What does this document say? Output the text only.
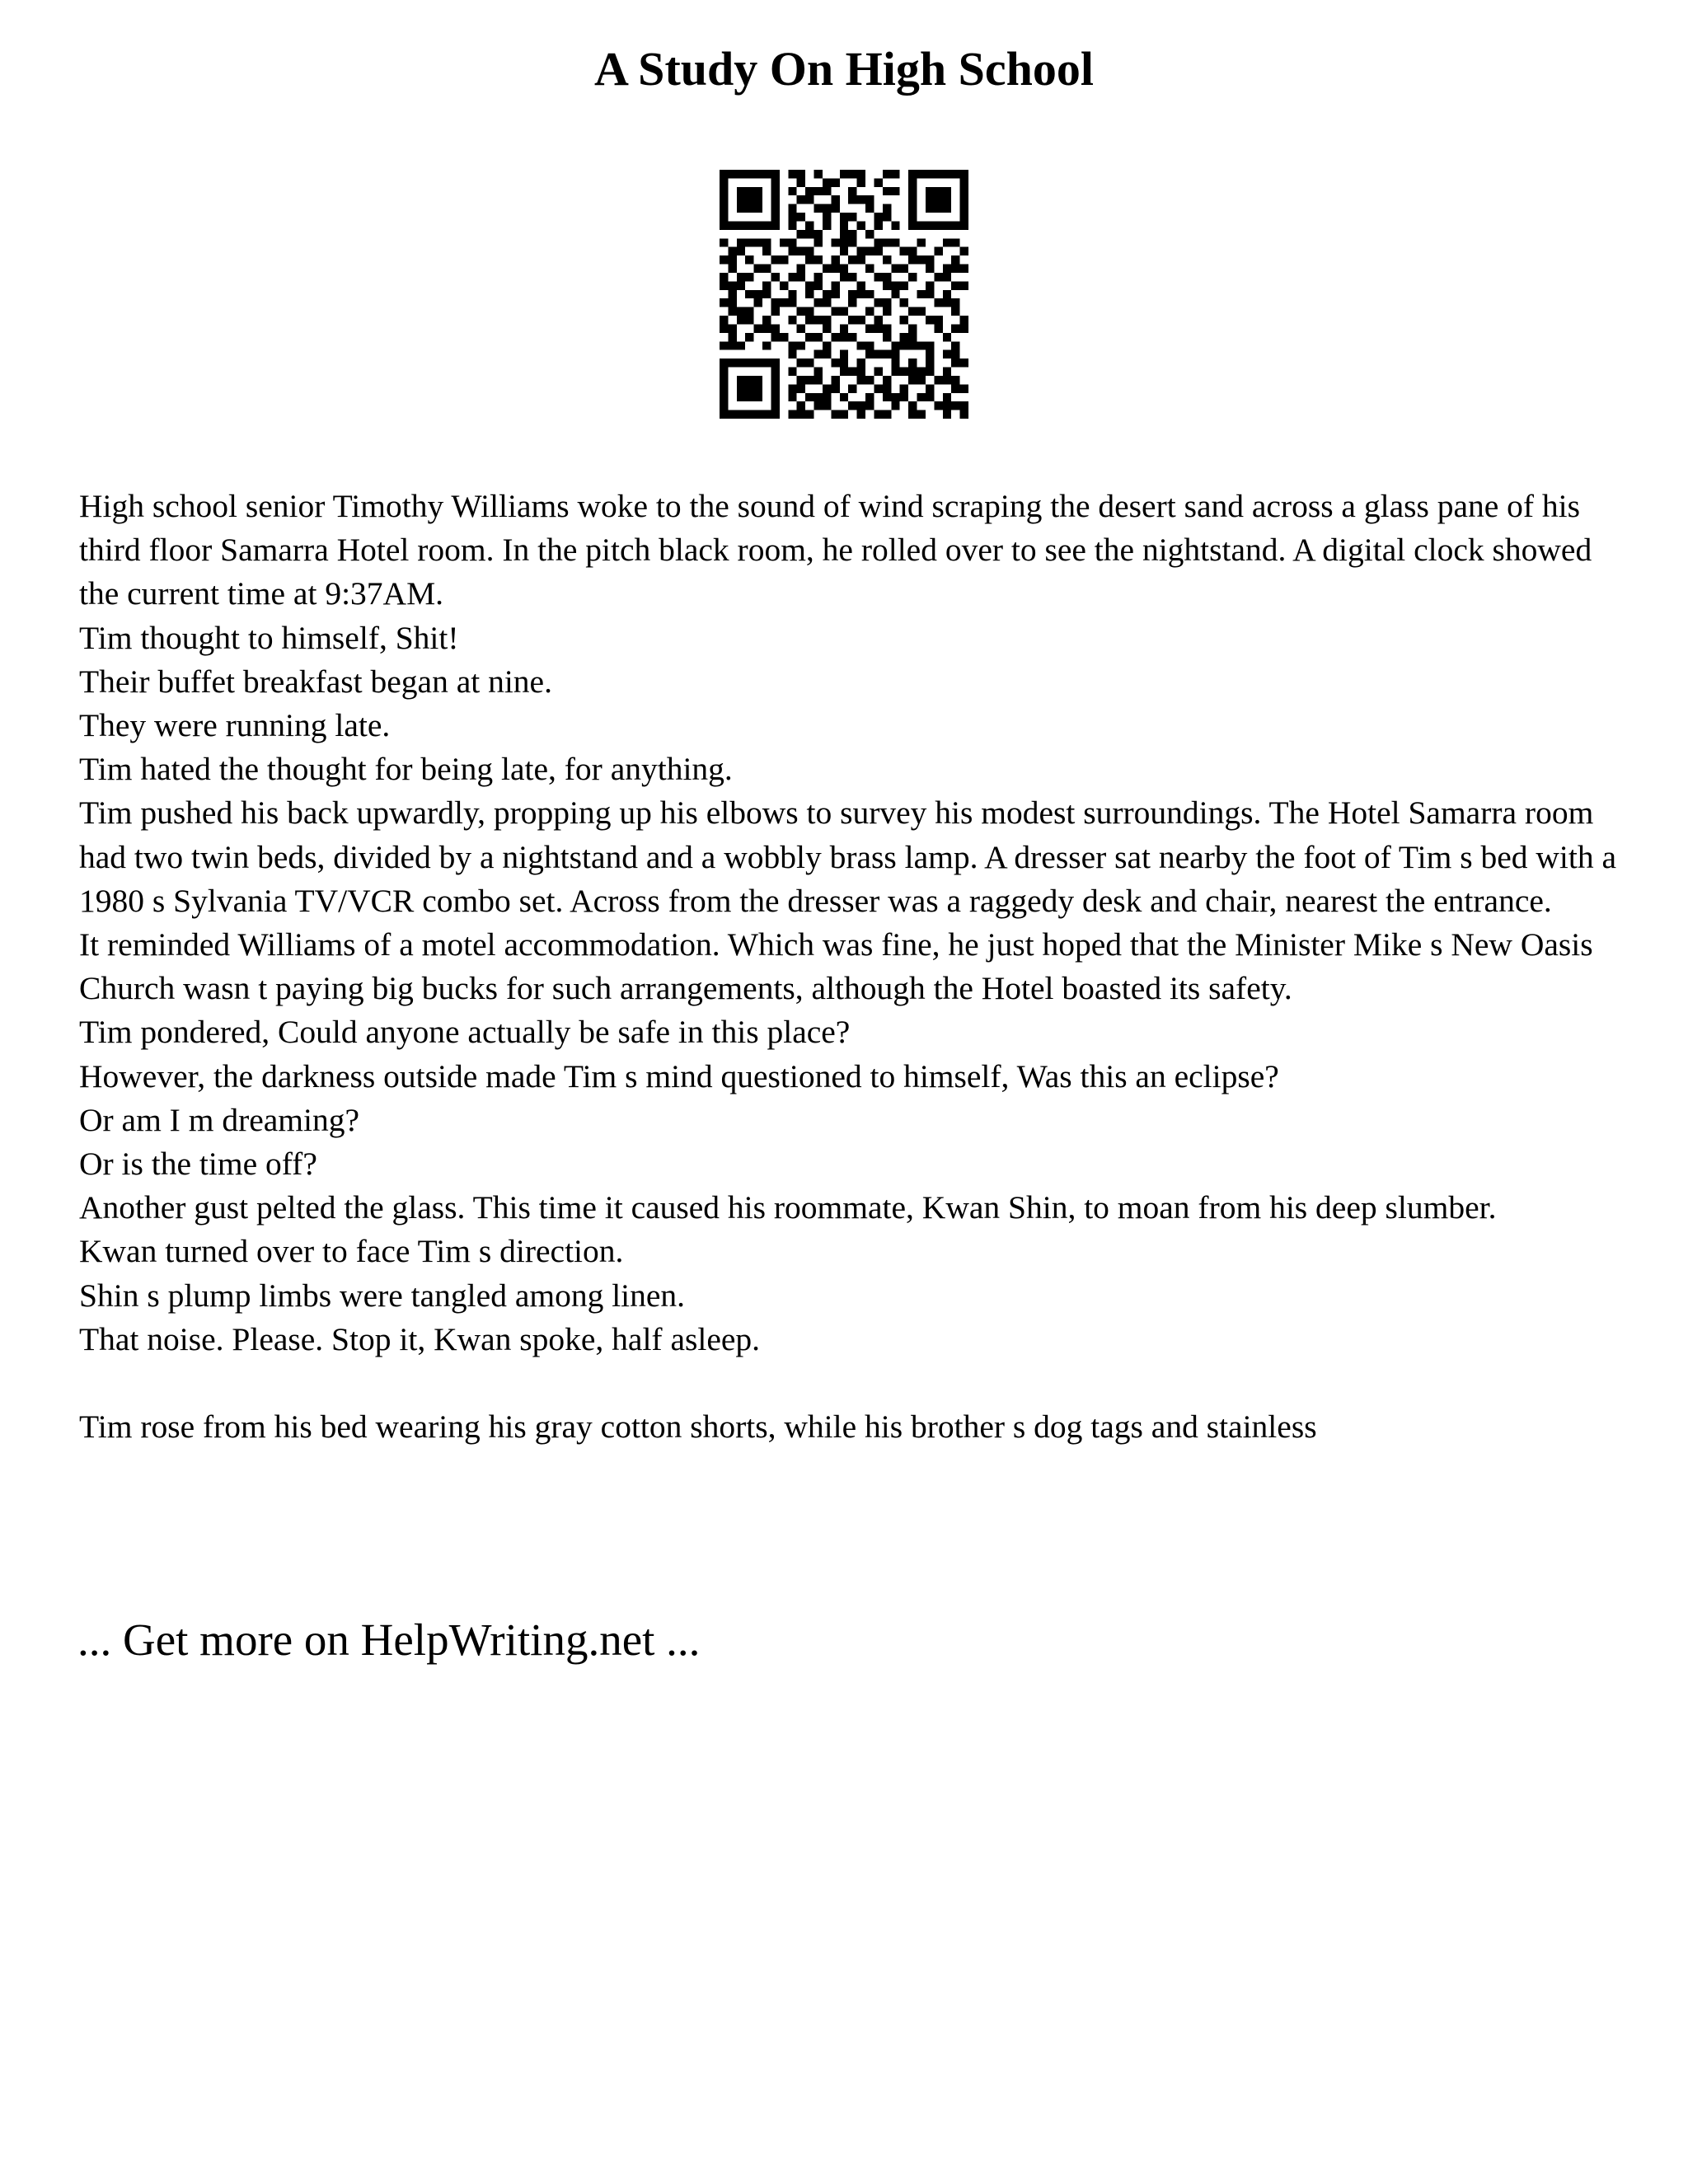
A Study On High School

High school senior Timothy Williams woke to the sound of wind scraping the desert sand across a glass pane of his third floor Samarra Hotel room. In the pitch black room, he rolled over to see the nightstand. A digital clock showed the current time at 9:37AM.

Tim thought to himself, Shit!

Their buffet breakfast began at nine.

They were running late.

Tim hated the thought for being late, for anything.

Tim pushed his back upwardly, propping up his elbows to survey his modest surroundings. The Hotel Samarra room had two twin beds, divided by a nightstand and a wobbly brass lamp. A dresser sat nearby the foot of Tim s bed with a 1980 s Sylvania TV/VCR combo set. Across from the dresser was a raggedy desk and chair, nearest the entrance.

It reminded Williams of a motel accommodation. Which was fine, he just hoped that the Minister Mike s New Oasis Church wasn t paying big bucks for such arrangements, although the Hotel boasted its safety.

Tim pondered, Could anyone actually be safe in this place?

However, the darkness outside made Tim s mind questioned to himself, Was this an eclipse?

Or am I m dreaming?

Or is the time off?

Another gust pelted the glass. This time it caused his roommate, Kwan Shin, to moan from his deep slumber.

Kwan turned over to face Tim s direction.

Shin s plump limbs were tangled among linen.

That noise. Please. Stop it, Kwan spoke, half asleep.

Tim rose from his bed wearing his gray cotton shorts, while his brother s dog tags and stainless

... Get more on HelpWriting.net ...
